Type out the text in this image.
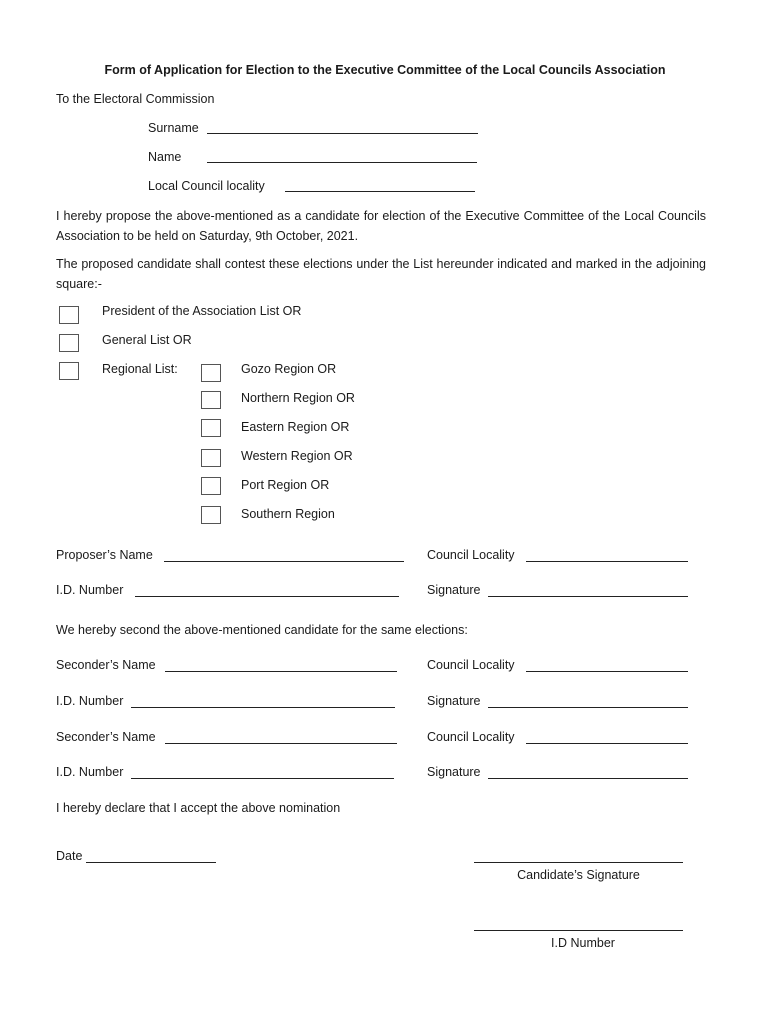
Form of Application for Election to the Executive Committee of the Local Councils Association
To the Electoral Commission
Surname
Name
Local Council locality
I hereby propose the above-mentioned as a candidate for election of the Executive Committee of the Local Councils Association to be held on Saturday, 9th October, 2021.
The proposed candidate shall contest these elections under the List hereunder indicated and marked in the adjoining square:-
President of the Association List OR
General List OR
Regional List:	Gozo Region OR
Northern Region OR
Eastern Region OR
Western Region OR
Port Region OR
Southern Region
Proposer’s Name	Council Locality
I.D. Number	Signature
We hereby second the above-mentioned candidate for the same elections:
Seconder’s Name	Council Locality
I.D. Number	Signature
Seconder’s Name	Council Locality
I.D. Number	Signature
I hereby declare that I accept the above nomination
Date
Candidate’s Signature
I.D Number
